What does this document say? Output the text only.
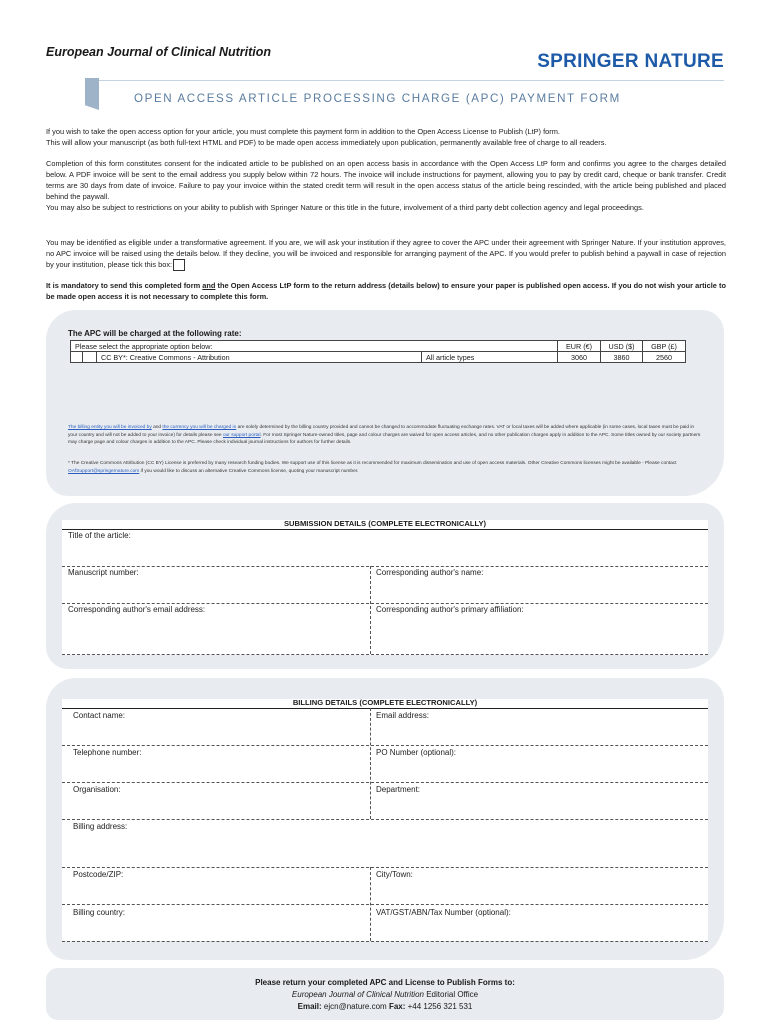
European Journal of Clinical Nutrition	SPRINGER NATURE
OPEN ACCESS ARTICLE PROCESSING CHARGE (APC) PAYMENT FORM
If you wish to take the open access option for your article, you must complete this payment form in addition to the Open Access License to Publish (LtP) form.
This will allow your manuscript (as both full-text HTML and PDF) to be made open access immediately upon publication, permanently available free of charge to all readers.
Completion of this form constitutes consent for the indicated article to be published on an open access basis in accordance with the Open Access LtP form and confirms you agree to the charges detailed below. A PDF invoice will be sent to the email address you supply below within 72 hours. The invoice will include instructions for payment, allowing you to pay by credit card, cheque or bank transfer. Credit terms are 30 days from date of invoice. Failure to pay your invoice within the stated credit term will result in the open access status of the article being rescinded, with the article being published and placed behind the paywall.
You may also be subject to restrictions on your ability to publish with Springer Nature or this title in the future, involvement of a third party debt collection agency and legal proceedings.
You may be identified as eligible under a transformative agreement. If you are, we will ask your institution if they agree to cover the APC under their agreement with Springer Nature. If your institution approves, no APC invoice will be raised using the details below. If they decline, you will be invoiced and responsible for arranging payment of the APC. If you would prefer to publish behind a paywall in case of rejection by your institution, please tick this box:
It is mandatory to send this completed form and the Open Access LtP form to the return address (details below) to ensure your paper is published open access. If you do not wish your article to be made open access it is not necessary to complete this form.
The APC will be charged at the following rate:
Please select the appropriate option below:				EUR (€)	USD ($)	GBP (£)
		CC BY*: Creative Commons - Attribution	All article types	3060	3860	2560
The billing entity you will be invoiced by and the currency you will be charged in are solely determined by the billing country provided and cannot be changed to accommodate fluctuating exchange rates. VAT or local taxes will be added where applicable (in some cases, local taxes must be paid in your country and will not be added to your invoice) for details please see our support portal. For most Springer Nature-owned titles, page and colour charges are waived for open access articles, and no other publication charges apply in addition to the APC. Some titles owned by our society partners may charge page and colour charges in addition to the APC. Please check individual journal instructions for authors for further details.
* The Creative Commons Attribution (CC BY) License is preferred by many research funding bodies. We support use of this license as it is recommended for maximum dissemination and use of open access materials. Other Creative Commons licenses might be available - Please contact OAfSupport@springernature.com if you would like to discuss an alternative Creative Commons license, quoting your manuscript number.
SUBMISSION DETAILS (COMPLETE ELECTRONICALLY)
Title of the article:
Manuscript number:	Corresponding author's name:
Corresponding author's email address:	Corresponding author's primary affiliation:
BILLING DETAILS (COMPLETE ELECTRONICALLY)
Contact name:	Email address:
Telephone number:	PO Number (optional):
Organisation:	Department:
Billing address:
Postcode/ZIP:	City/Town:
Billing country:	VAT/GST/ABN/Tax Number (optional):
Please return your completed APC and License to Publish Forms to:
European Journal of Clinical Nutrition Editorial Office
Email: ejcn@nature.com Fax: +44 1256 321 531
